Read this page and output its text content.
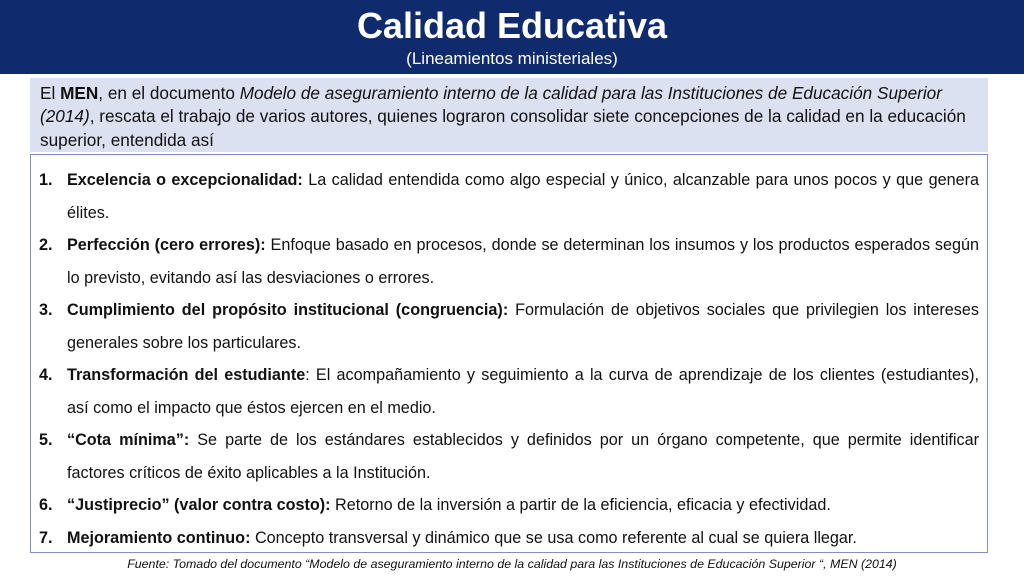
Calidad Educativa
(Lineamientos ministeriales)
El MEN, en el documento Modelo de aseguramiento interno de la calidad para las Instituciones de Educación Superior (2014), rescata el trabajo de varios autores, quienes lograron consolidar siete concepciones de la calidad en la educación superior, entendida así
1. Excelencia o excepcionalidad: La calidad entendida como algo especial y único, alcanzable para unos pocos y que genera élites.
2. Perfección (cero errores): Enfoque basado en procesos, donde se determinan los insumos y los productos esperados según lo previsto, evitando así las desviaciones o errores.
3. Cumplimiento del propósito institucional (congruencia): Formulación de objetivos sociales que privilegien los intereses generales sobre los particulares.
4. Transformación del estudiante: El acompañamiento y seguimiento a la curva de aprendizaje de los clientes (estudiantes), así como el impacto que éstos ejercen en el medio.
5. “Cota mínima”: Se parte de los estándares establecidos y definidos por un órgano competente, que permite identificar factores críticos de éxito aplicables a la Institución.
6. “Justiprecio” (valor contra costo): Retorno de la inversión a partir de la eficiencia, eficacia y efectividad.
7. Mejoramiento continuo: Concepto transversal y dinámico que se usa como referente al cual se quiera llegar.
Fuente: Tomado del documento “Modelo de aseguramiento interno de la calidad para las Instituciones de Educación Superior “, MEN (2014)
